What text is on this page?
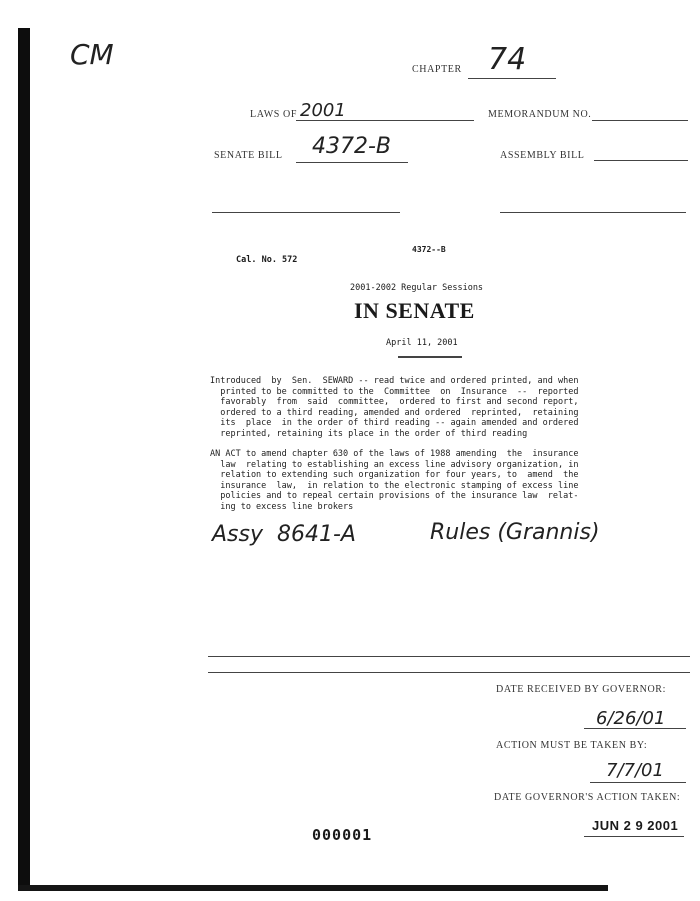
CM	CHAPTER 74
LAWS OF 2001	MEMORANDUM NO.
SENATE BILL 4372-B	ASSEMBLY BILL
4372--B
Cal. No. 572
2001-2002 Regular Sessions
IN SENATE
April 11, 2001
Introduced  by  Sen.  SEWARD -- read twice and ordered printed, and when
printed to be committed to the  Committee  on  Insurance  --  reported
favorably  from  said  committee,  ordered to first and second report,
ordered to a third reading, amended and ordered  reprinted,  retaining
its  place  in the order of third reading -- again amended and ordered
reprinted, retaining its place in the order of third reading
AN ACT to amend chapter 630 of the laws of 1988 amending  the  insurance
law  relating to establishing an excess line advisory organization, in
relation to extending such organization for four years, to  amend  the
insurance  law,  in relation to the electronic stamping of excess line
policies and to repeal certain provisions of the insurance law  relat-
ing to excess line brokers
Assy  8641-A	Rules (Grannis)
DATE RECEIVED BY GOVERNOR:
6/26/01
ACTION MUST BE TAKEN BY:
7/7/01
DATE GOVERNOR'S ACTION TAKEN:
JUN 2 9 2001
000001
